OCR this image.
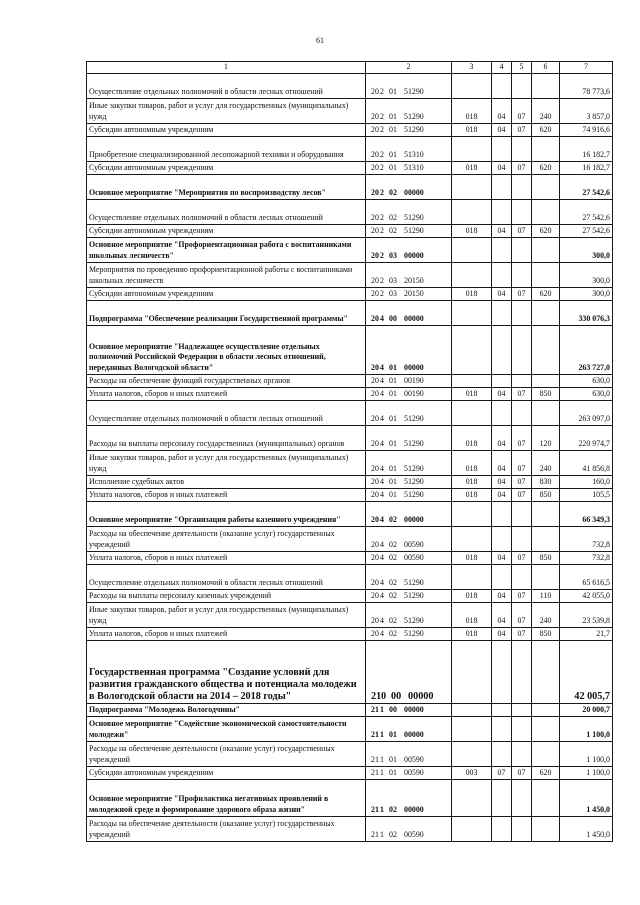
61
1	2	3	4	5	6	7
Осуществление отдельных полномочий в области лесных отношений	202 01 51290					78 773,6
Иные закупки товаров, работ и услуг для государственных (муниципальных) нужд	202 01 51290	018	04	07	240	3 857,0
Субсидии автономным учреждениям	202 01 51290	018	04	07	620	74 916,6
Приобретение специализированной лесопожарной техники и оборудования	202 01 51310					16 182,7
Субсидии автономным учреждениям	202 01 51310	018	04	07	620	16 182,7
Основное мероприятие "Мероприятия по воспроизводству лесов"	202 02 00000					27 542,6
Осуществление отдельных полномочий в области лесных отношений	202 02 51290					27 542,6
Субсидии автономным учреждениям	202 02 51290	018	04	07	620	27 542,6
Основное мероприятие "Профориентационная работа с воспитанниками школьных лесничеств"	202 03 00000					300,0
Мероприятия по проведению профориентационной работы с воспитанниками школьных лесничеств	202 03 20150					300,0
Субсидии автономным учреждениям	202 03 20150	018	04	07	620	300,0
Подпрограмма "Обеспечение реализации Государственной программы"	204 00 00000					330 076,3
Основное мероприятие "Надлежащее осуществление отдельных полномочий Российской Федерации в области лесных отношений, переданных Вологодской области"	204 01 00000					263 727,0
Расходы на обеспечение функций государственных органов	204 01 00190					630,0
Уплата налогов, сборов и иных платежей	204 01 00190	018	04	07	850	630,0
Осуществление отдельных полномочий в области лесных отношений	204 01 51290					263 097,0
Расходы на выплаты персоналу государственных (муниципальных) органов	204 01 51290	018	04	07	120	220 974,7
Иные закупки товаров, работ и услуг для государственных (муниципальных) нужд	204 01 51290	018	04	07	240	41 856,8
Исполнение судебных актов	204 01 51290	018	04	07	830	160,0
Уплата налогов, сборов и иных платежей	204 01 51290	018	04	07	850	105,5
Основное мероприятие "Организация работы казенного учреждения"	204 02 00000					66 349,3
Расходы на обеспечение деятельности (оказание услуг) государственных учреждений	204 02 00590					732,8
Уплата налогов, сборов и иных платежей	204 02 00590	018	04	07	850	732,8
Осуществление отдельных полномочий в области лесных отношений	204 02 51290					65 616,5
Расходы на выплаты персоналу казенных учреждений	204 02 51290	018	04	07	110	42 055,0
Иные закупки товаров, работ и услуг для государственных (муниципальных) нужд	204 02 51290	018	04	07	240	23 539,8
Уплата налогов, сборов и иных платежей	204 02 51290	018	04	07	850	21,7
Государственная программа "Создание условий для развития гражданского общества и потенциала молодежи в Вологодской области на 2014 – 2018 годы"	210 00 00000					42 005,7
Подпрограмма "Молодежь Вологодчины"	211 00 00000					20 000,7
Основное мероприятие "Содействие экономической самостоятельности молодежи"	211 01 00000					1 100,0
Расходы на обеспечение деятельности (оказание услуг) государственных учреждений	211 01 00590					1 100,0
Субсидии автономным учреждениям	211 01 00590	003	07	07	620	1 100,0
Основное мероприятие "Профилактика негативных проявлений в молодежной среде и формирование здорового образа жизни"	211 02 00000					1 450,0
Расходы на обеспечение деятельности (оказание услуг) государственных учреждений	211 02 00590					1 450,0
